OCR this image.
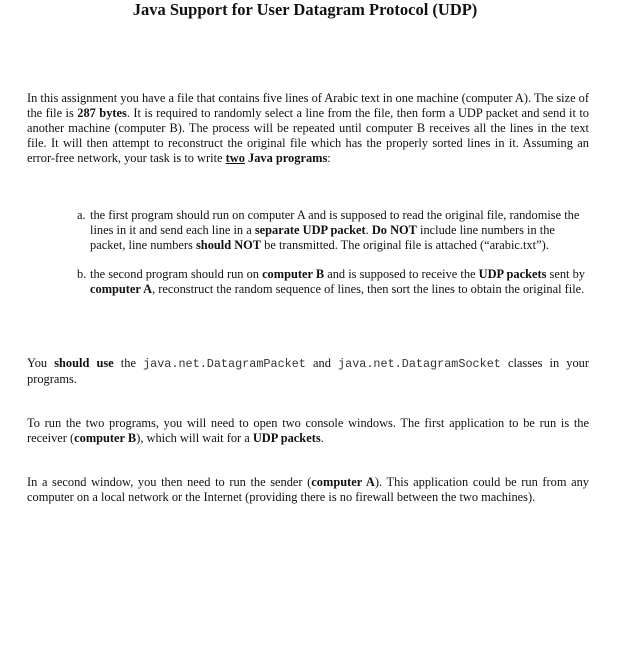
Java Support for User Datagram Protocol (UDP)

In this assignment you have a file that contains five lines of Arabic text in one machine (computer A). The size of the file is 287 bytes. It is required to randomly select a line from the file, then form a UDP packet and send it to another machine (computer B). The process will be repeated until computer B receives all the lines in the text file. It will then attempt to reconstruct the original file which has the properly sorted lines in it. Assuming an error-free network, your task is to write two Java programs:

a. the first program should run on computer A and is supposed to read the original file, randomise the lines in it and send each line in a separate UDP packet. Do NOT include line numbers in the packet, line numbers should NOT be transmitted. The original file is attached (“arabic.txt”).
b. the second program should run on computer B and is supposed to receive the UDP packets sent by computer A, reconstruct the random sequence of lines, then sort the lines to obtain the original file.

You should use the java.net.DatagramPacket and java.net.DatagramSocket classes in your programs.

To run the two programs, you will need to open two console windows. The first application to be run is the receiver (computer B), which will wait for a UDP packets.

In a second window, you then need to run the sender (computer A). This application could be run from any computer on a local network or the Internet (providing there is no firewall between the two machines).
